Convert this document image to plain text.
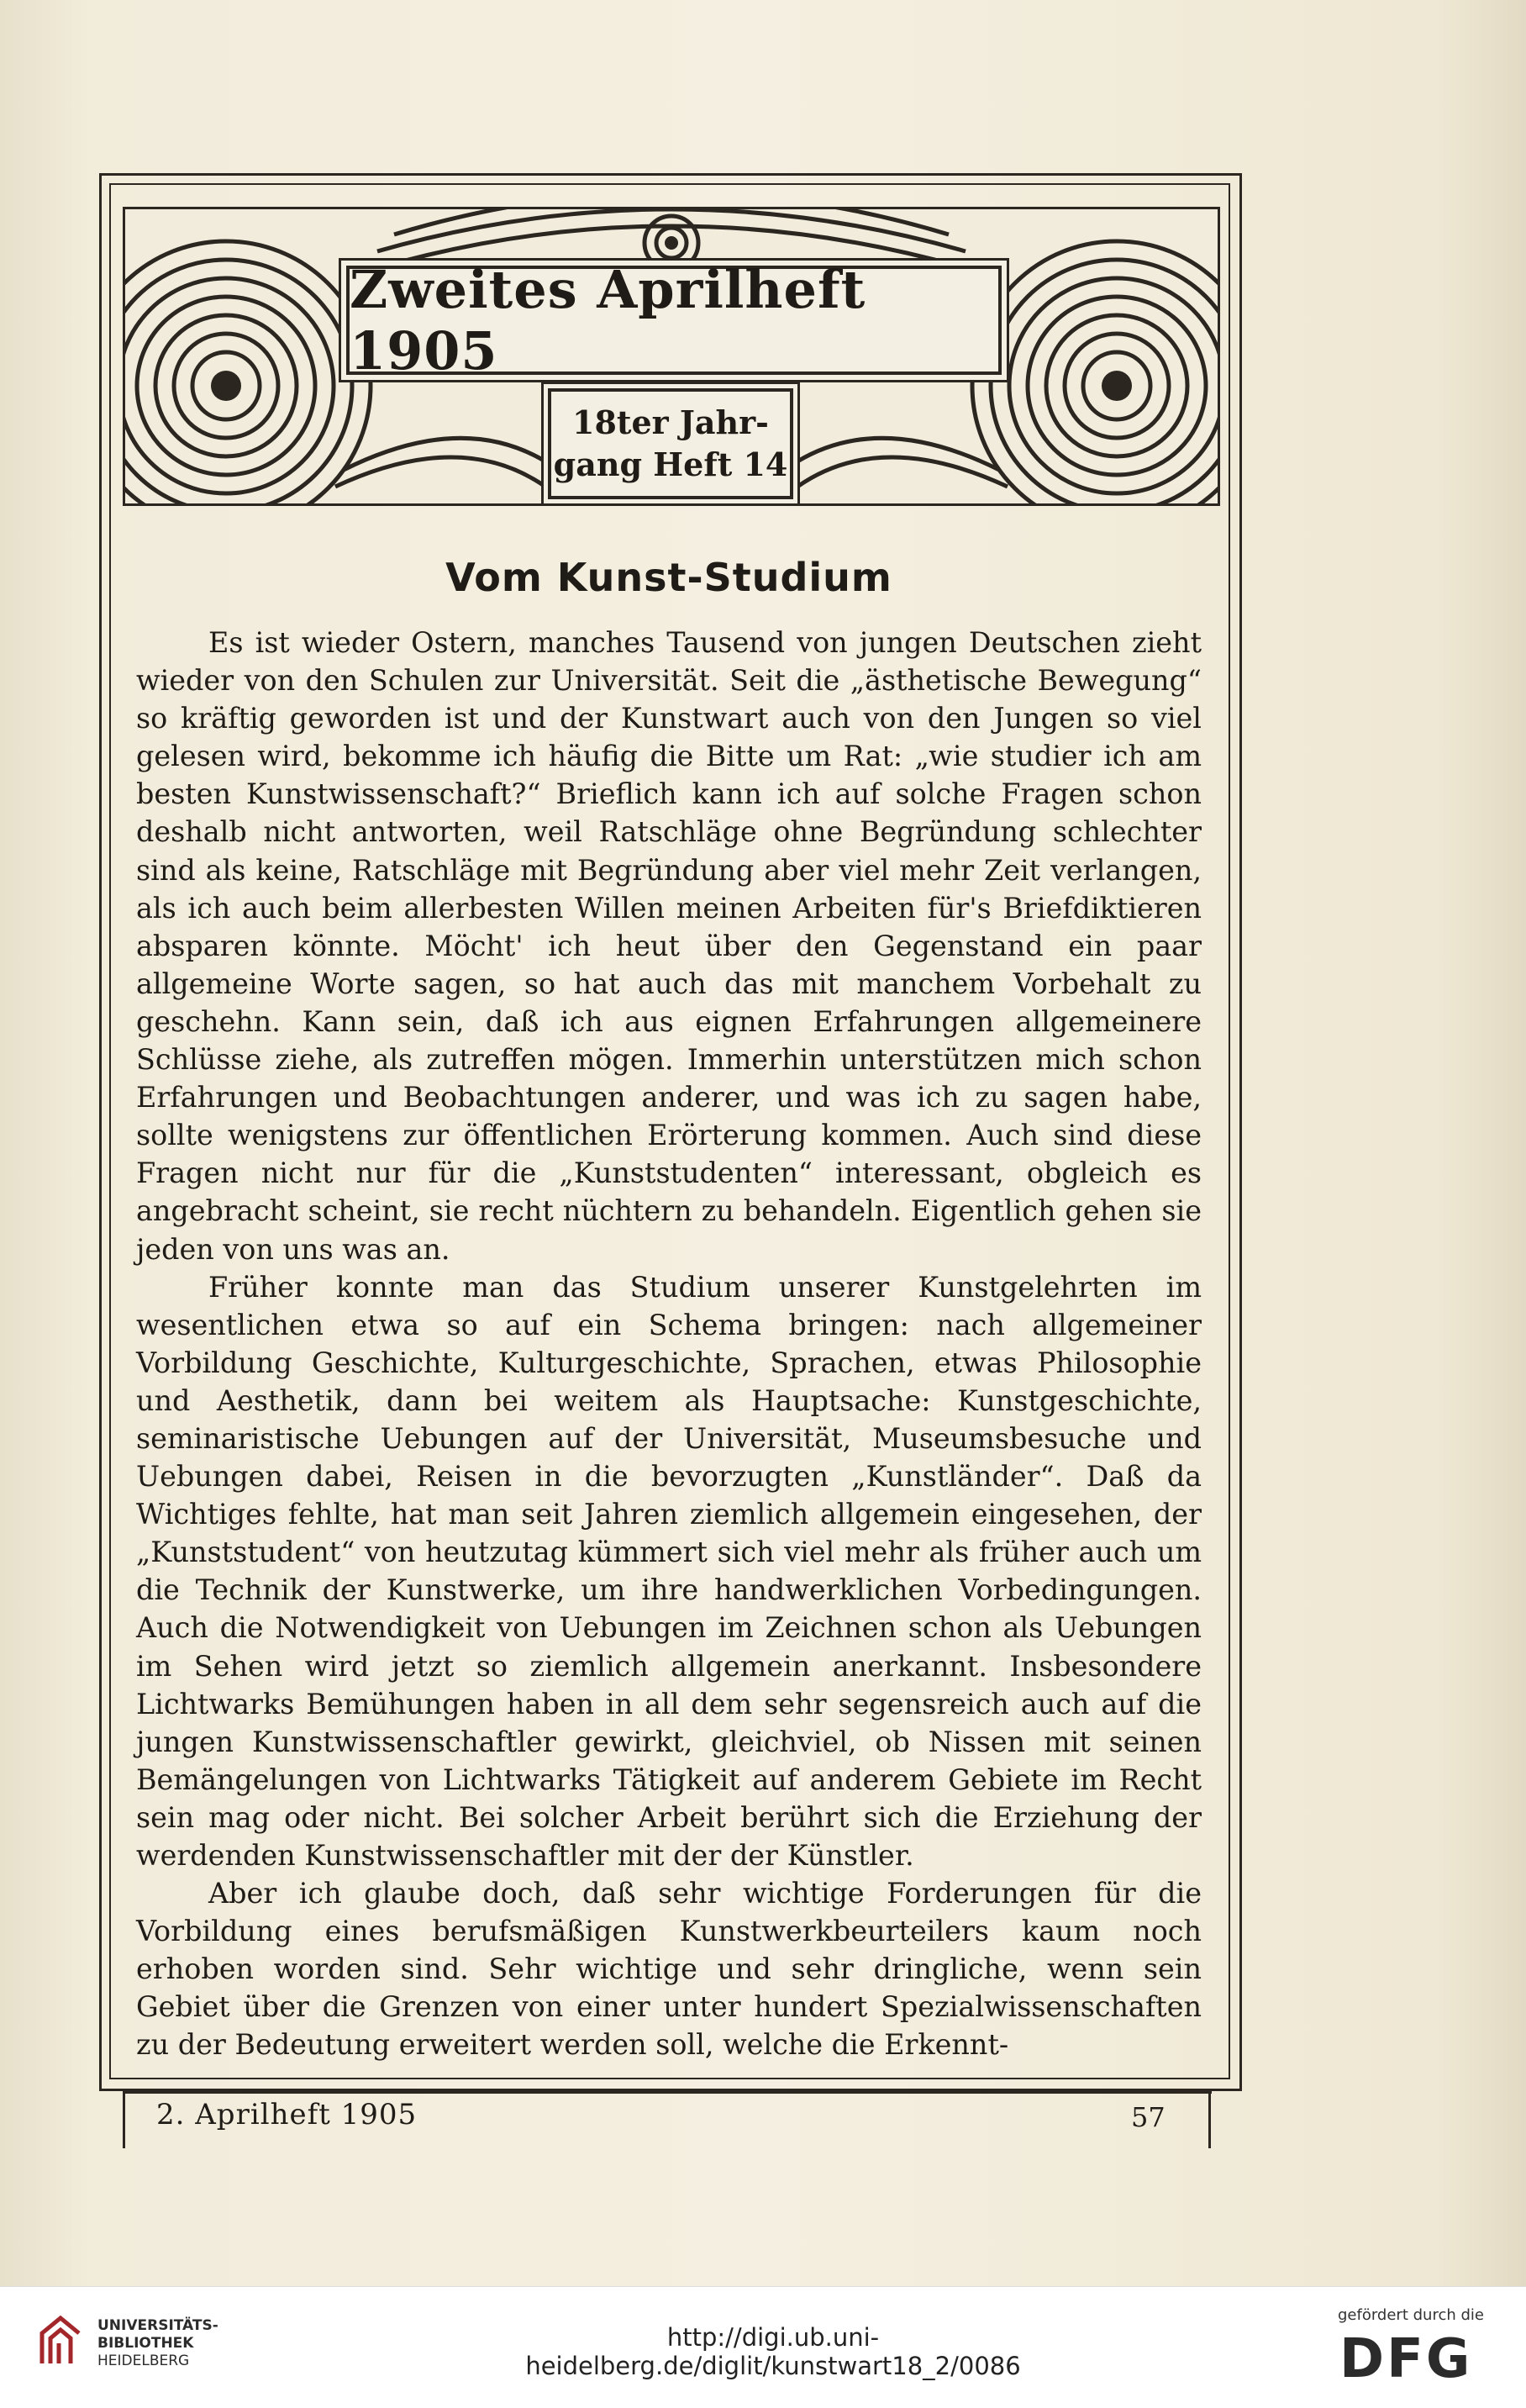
Zweites Aprilheft 1905
18ter Jahr-
gang Heft 14
Vom Kunst-Studium

Es ist wieder Ostern, manches Tausend von jungen Deutschen zieht wieder von den Schulen zur Universität. Seit die „ästhetische Bewegung“ so kräftig geworden ist und der Kunstwart auch von den Jungen so viel gelesen wird, bekomme ich häufig die Bitte um Rat: „wie studier ich am besten Kunstwissenschaft?“ Brieflich kann ich auf solche Fragen schon deshalb nicht antworten, weil Ratschläge ohne Begründung schlechter sind als keine, Ratschläge mit Begründung aber viel mehr Zeit verlangen, als ich auch beim allerbesten Willen meinen Arbeiten für's Briefdiktieren absparen könnte. Möcht' ich heut über den Gegenstand ein paar allgemeine Worte sagen, so hat auch das mit manchem Vorbehalt zu geschehn. Kann sein, daß ich aus eignen Erfahrungen allgemeinere Schlüsse ziehe, als zutreffen mögen. Immerhin unterstützen mich schon Erfahrungen und Beobachtungen anderer, und was ich zu sagen habe, sollte wenigstens zur öffentlichen Erörterung kommen. Auch sind diese Fragen nicht nur für die „Kunststudenten“ interessant, obgleich es angebracht scheint, sie recht nüchtern zu behandeln. Eigentlich gehen sie jeden von uns was an.

Früher konnte man das Studium unserer Kunstgelehrten im wesentlichen etwa so auf ein Schema bringen: nach allgemeiner Vorbildung Geschichte, Kulturgeschichte, Sprachen, etwas Philosophie und Aesthetik, dann bei weitem als Hauptsache: Kunstgeschichte, seminaristische Uebungen auf der Universität, Museumsbesuche und Uebungen dabei, Reisen in die bevorzugten „Kunstländer“. Daß da Wichtiges fehlte, hat man seit Jahren ziemlich allgemein eingesehen, der „Kunststudent“ von heutzutag kümmert sich viel mehr als früher auch um die Technik der Kunstwerke, um ihre handwerklichen Vorbedingungen. Auch die Notwendigkeit von Uebungen im Zeichnen schon als Uebungen im Sehen wird jetzt so ziemlich allgemein anerkannt. Insbesondere Lichtwarks Bemühungen haben in all dem sehr segensreich auch auf die jungen Kunstwissenschaftler gewirkt, gleichviel, ob Nissen mit seinen Bemängelungen von Lichtwarks Tätigkeit auf anderem Gebiete im Recht sein mag oder nicht. Bei solcher Arbeit berührt sich die Erziehung der werdenden Kunstwissenschaftler mit der der Künstler.

Aber ich glaube doch, daß sehr wichtige Forderungen für die Vorbildung eines berufsmäßigen Kunstwerkbeurteilers kaum noch erhoben worden sind. Sehr wichtige und sehr dringliche, wenn sein Gebiet über die Grenzen von einer unter hundert Spezialwissenschaften zu der Bedeutung erweitert werden soll, welche die Erkennt-

2. Aprilheft 1905	57
UNIVERSITÄTS-
BIBLIOTHEK
HEIDELBERG
http://digi.ub.uni-heidelberg.de/diglit/kunstwart18_2/0086
gefördert durch die
DFG
